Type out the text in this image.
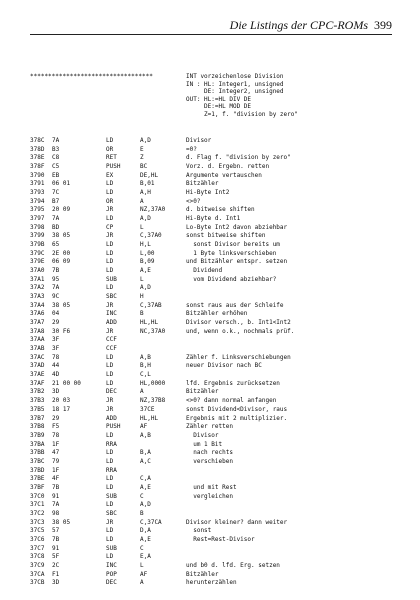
Die Listings der CPC-ROMs 399
**********************************	INT vorzeichenlose Division
IN : HL: Integer1, unsigned
DE: Integer2, unsigned
OUT: HL:=HL DIV DE
DE:=HL MOD DE
Z=1, f. "division by zero"
378C 7A	LD	A,D	Divisor
378D B3	OR	E	=0?
378E C8	RET	Z	d. Flag f. "division by zero"
378F C5	PUSH	BC	Vorz. d. Ergebn. retten
3790 EB	EX	DE,HL	Argumente vertauschen
3791 06 01	LD	B,01	Bitzähler
3793 7C	LD	A,H	Hi-Byte Int2
3794 B7	OR	A	<>0?
3795 20 09	JR	NZ,37A0	d. bitweise shiften
3797 7A	LD	A,D	Hi-Byte d. Int1
3798 BD	CP	L	Lo-Byte Int2 davon abziehbar
3799 38 05	JR	C,37A0	sonst bitweise shiften
379B 65	LD	H,L	sonst Divisor bereits um
379C 2E 00	LD	L,00	1 Byte linksverschieben
379E 06 09	LD	B,09	und Bitzähler entspr. setzen
37A0 7B	LD	A,E	Dividend
37A1 95	SUB	L	vom Dividend abziehbar?
37A2 7A	LD	A,D
37A3 9C	SBC	H
37A4 38 05	JR	C,37AB	sonst raus aus der Schleife
37A6 04	INC	B	Bitzähler erhöhen
37A7 29	ADD	HL,HL	Divisor versch., b. Int1<Int2
37A8 30 F6	JR	NC,37A0	und, wenn o.k., nochmals prüf.
37AA 3F	CCF
37AB 3F	CCF
37AC 78	LD	A,B	Zähler f. Linksverschiebungen
37AD 44	LD	B,H	neuer Divisor nach BC
37AE 4D	LD	C,L
37AF 21 00 00	LD	HL,0000	lfd. Ergebnis zurücksetzen
37B2 3D	DEC	A	Bitzähler
37B3 20 03	JR	NZ,37B8	<>0? dann normal anfangen
37B5 18 17	JR	37CE	sonst Dividend<Divisor, raus
37B7 29	ADD	HL,HL	Ergebnis mit 2 multiplizier.
37B8 F5	PUSH	AF	Zähler retten
37B9 78	LD	A,B	Divisor
37BA 1F	RRA	um 1 Bit
37BB 47	LD	B,A	nach rechts
37BC 79	LD	A,C	verschieben
37BD 1F	RRA
37BE 4F	LD	C,A
37BF 7B	LD	A,E	und mit Rest
37C0 91	SUB	C	vergleichen
37C1 7A	LD	A,D
37C2 98	SBC	B
37C3 38 05	JR	C,37CA	Divisor kleiner? dann weiter
37C5 57	LD	D,A	sonst
37C6 7B	LD	A,E	Rest=Rest-Divisor
37C7 91	SUB	C
37C8 5F	LD	E,A
37C9 2C	INC	L	und b0 d. lfd. Erg. setzen
37CA F1	POP	AF	Bitzähler
37CB 3D	DEC	A	herunterzählen
